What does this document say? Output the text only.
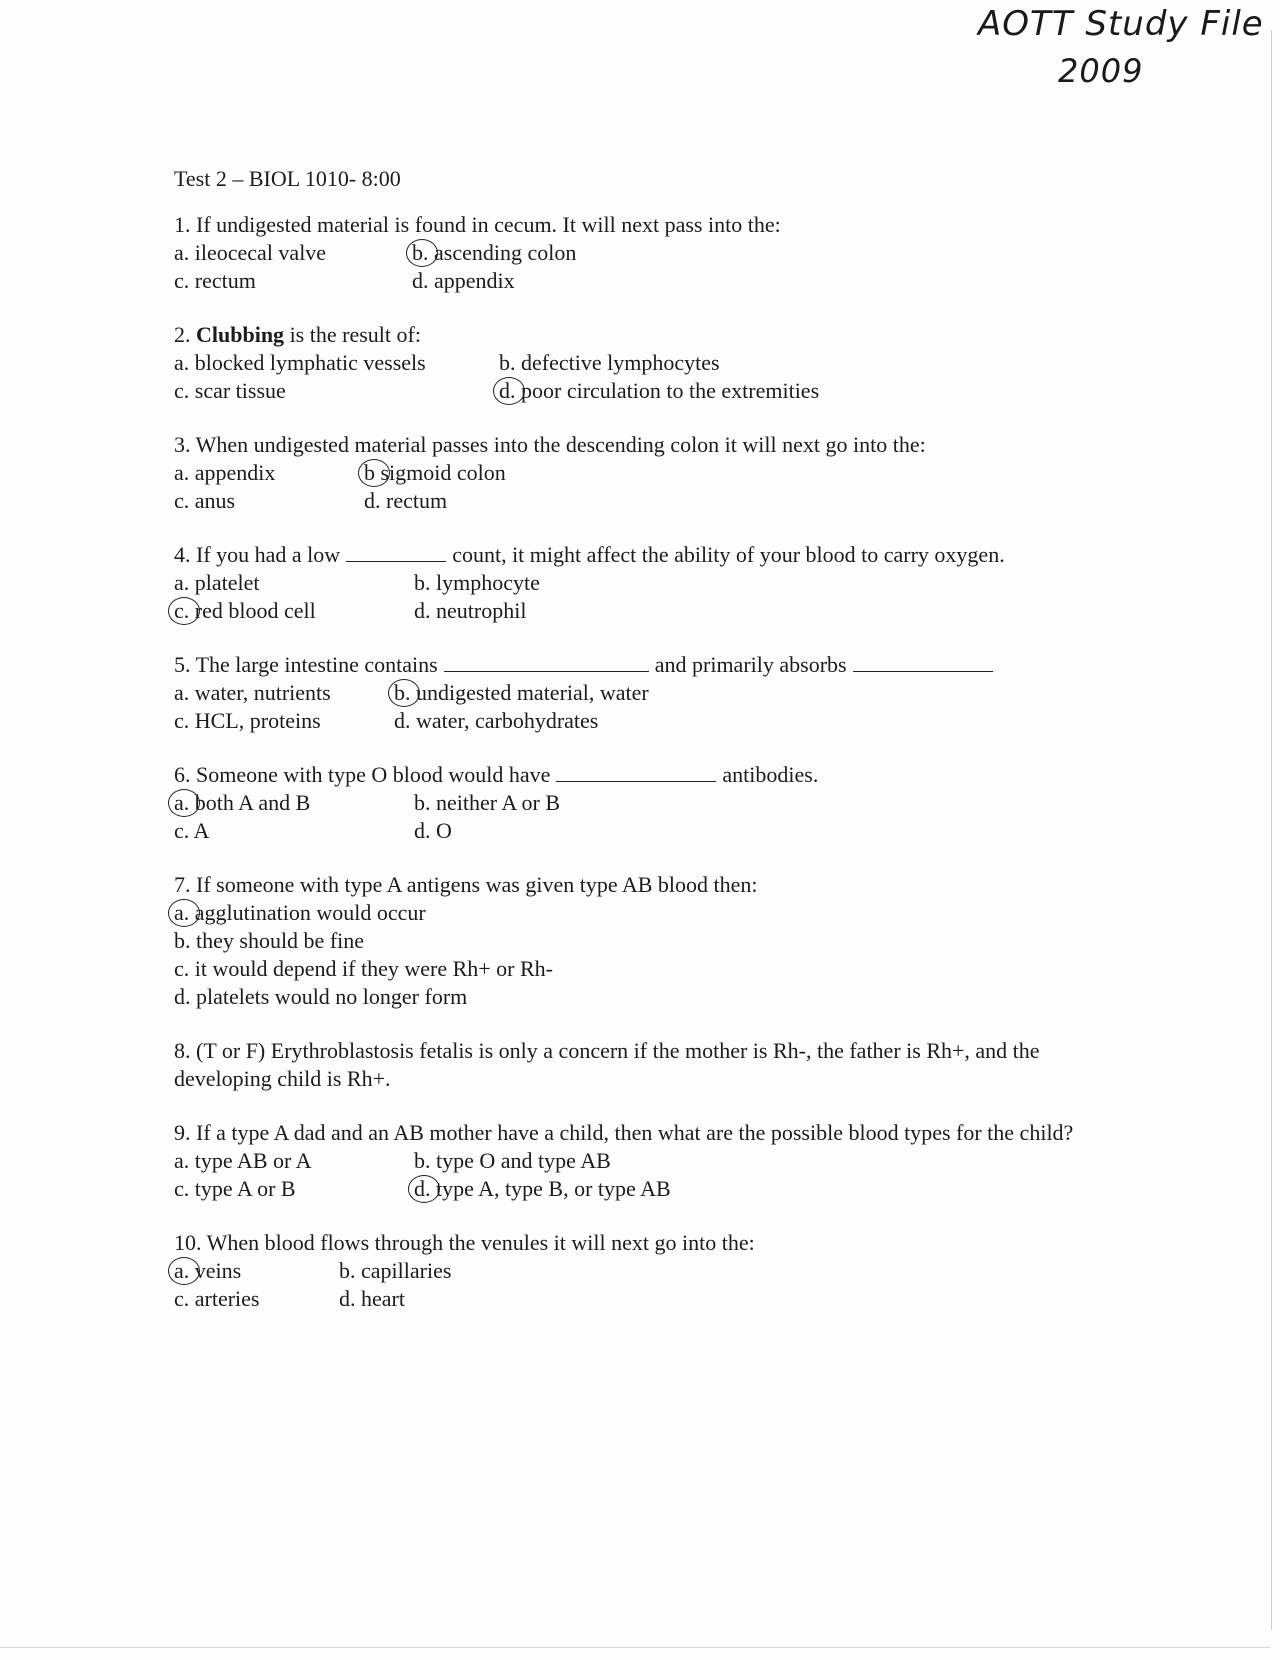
AOTT Study File
2009

Test 2 – BIOL 1010- 8:00

1. If undigested material is found in cecum. It will next pass into the:

a. ileocecal valve	b. ascending colon
c. rectum	d. appendix

2. Clubbing is the result of:

a. blocked lymphatic vessels	b. defective lymphocytes
c. scar tissue	d. poor circulation to the extremities

3. When undigested material passes into the descending colon it will next go into the:

a. appendix	b sigmoid colon
c. anus	d. rectum

4. If you had a low	count, it might affect the ability of your blood to carry oxygen.

a. platelet	b. lymphocyte
c. red blood cell	d. neutrophil

5. The large intestine contains	and primarily absorbs

a. water, nutrients	b. undigested material, water
c. HCL, proteins	d. water, carbohydrates

6. Someone with type O blood would have	antibodies.

a. both A and B	b. neither A or B
c. A	d. O

7. If someone with type A antigens was given type AB blood then:

a. agglutination would occur
b. they should be fine
c. it would depend if they were Rh+ or Rh-
d. platelets would no longer form

8. (T or F) Erythroblastosis fetalis is only a concern if the mother is Rh-, the father is Rh+, and the developing child is Rh+.

9. If a type A dad and an AB mother have a child, then what are the possible blood types for the child?

a. type AB or A	b. type O and type AB
c. type A or B	d. type A, type B, or type AB

10. When blood flows through the venules it will next go into the:

a. veins	b. capillaries
c. arteries	d. heart
